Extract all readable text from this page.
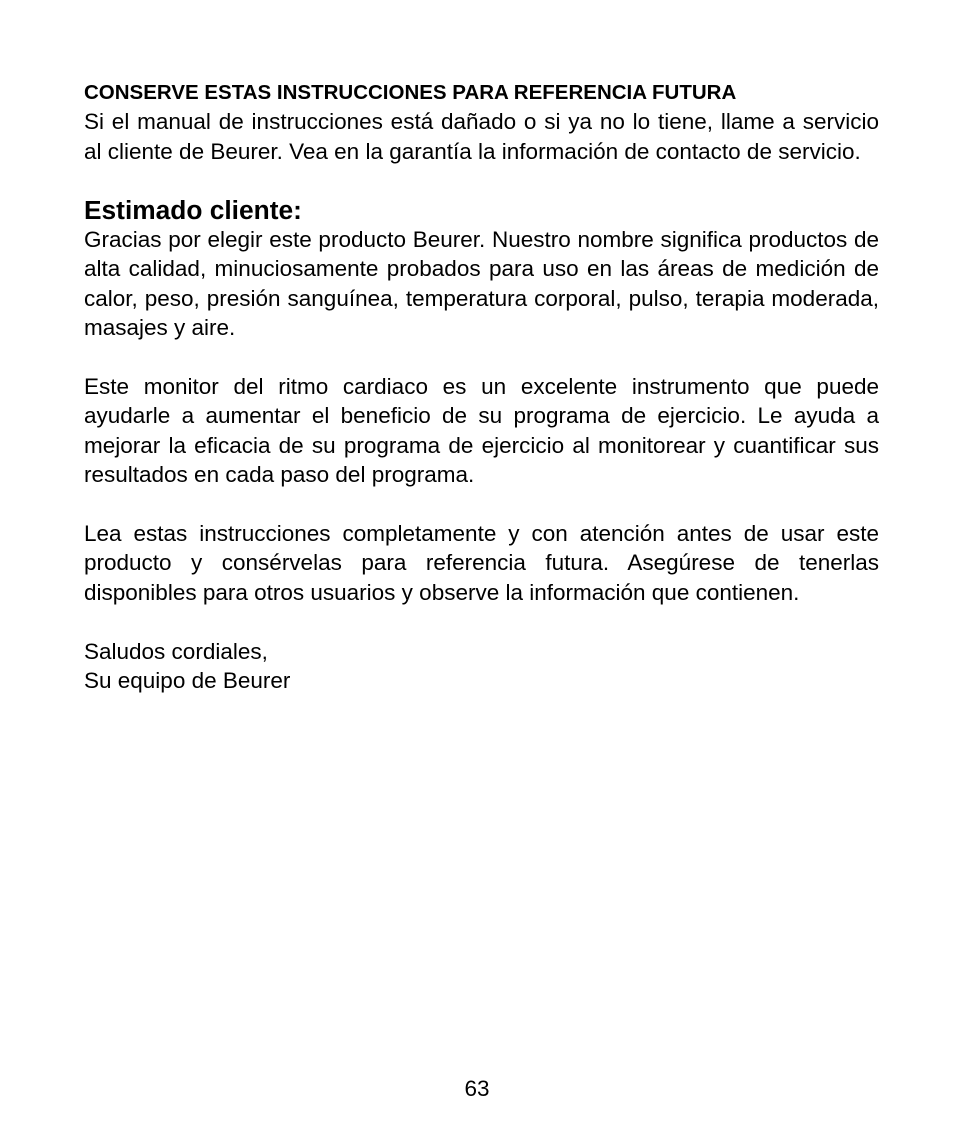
CONSERVE ESTAS INSTRUCCIONES PARA REFERENCIA FUTURA

Si el manual de instrucciones está dañado o si ya no lo tiene, llame a servicio al cliente de Beurer. Vea en la garantía la información de contacto de servicio.

Estimado cliente:

Gracias por elegir este producto Beurer. Nuestro nombre significa productos de alta calidad, minuciosamente probados para uso en las áreas de medición de calor, peso, presión sanguínea, temperatura corporal, pulso, terapia moderada, masajes y aire.

Este monitor del ritmo cardiaco es un excelente instrumento que puede ayudarle a aumentar el beneficio de su programa de ejercicio. Le ayuda a mejorar la eficacia de su programa de ejercicio al monitorear y cuantificar sus resultados en cada paso del programa.

Lea estas instrucciones completamente y con atención antes de usar este producto y consérvelas para referencia futura. Asegúrese de tenerlas disponibles para otros usuarios y observe la información que contienen.

Saludos cordiales,

Su equipo de Beurer

63
